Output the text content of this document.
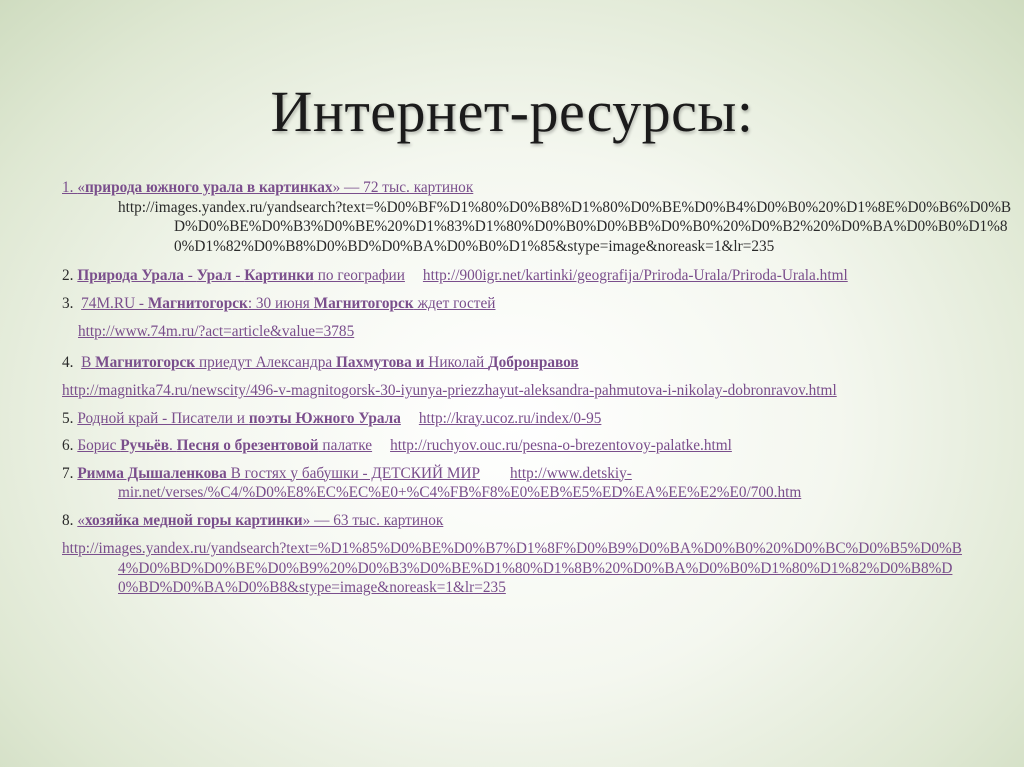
Интернет-ресурсы:
1. «природа южного урала в картинках» — 72 тыс. картинок
http://images.yandex.ru/yandsearch?text=%D0%BF%D1%80%D0%B8%D1%80%D0%BE%D0%B4%D0%B0%20%D1%8E%D0%B6%D0%BD%D0%BE%D0%B3%D0%BE%20%D1%83%D1%80%D0%B0%D0%BB%D0%B0%20%D0%B2%20%D0%BA%D0%B0%D1%80%D1%82%D0%B8%D0%BD%D0%BA%D0%B0%D1%85&stype=image&noreask=1&lr=235
2. Природа Урала - Урал - Картинки по географии http://900igr.net/kartinki/geografija/Priroda-Urala/Priroda-Urala.html
3. 74M.RU - Магнитогорск: 30 июня Магнитогорск ждет гостей
http://www.74m.ru/?act=article&value=3785
4. В Магнитогорск приедут Александра Пахмутова и Николай Добронравов
http://magnitka74.ru/newscity/496-v-magnitogorsk-30-iyunya-priezzhayut-aleksandra-pahmutova-i-nikolay-dobronravov.html
5. Родной край - Писатели и поэты Южного Урала http://kray.ucoz.ru/index/0-95
6. Борис Ручьёв. Песня о брезентовой палатке http://ruchyov.ouc.ru/pesna-o-brezentovoy-palatke.html
7. Римма Дышаленкова В гостях у бабушки - ДЕТСКИЙ МИР http://www.detskiy-mir.net/verses/%C4/%D0%E8%EC%EC%E0+%C4%FB%F8%E0%EB%E5%ED%EA%EE%E2%E0/700.htm
8. «хозяйка медной горы картинки» — 63 тыс. картинок
http://images.yandex.ru/yandsearch?text=%D1%85%D0%BE%D0%B7%D1%8F%D0%B9%D0%BA%D0%B0%20%D0%BC%D0%B5%D0%B4%D0%BD%D0%BE%D0%B9%20%D0%B3%D0%BE%D1%80%D1%8B%20%D0%BA%D0%B0%D1%80%D1%82%D0%B8%D0%BD%D0%BA%D0%B8&stype=image&noreask=1&lr=235
